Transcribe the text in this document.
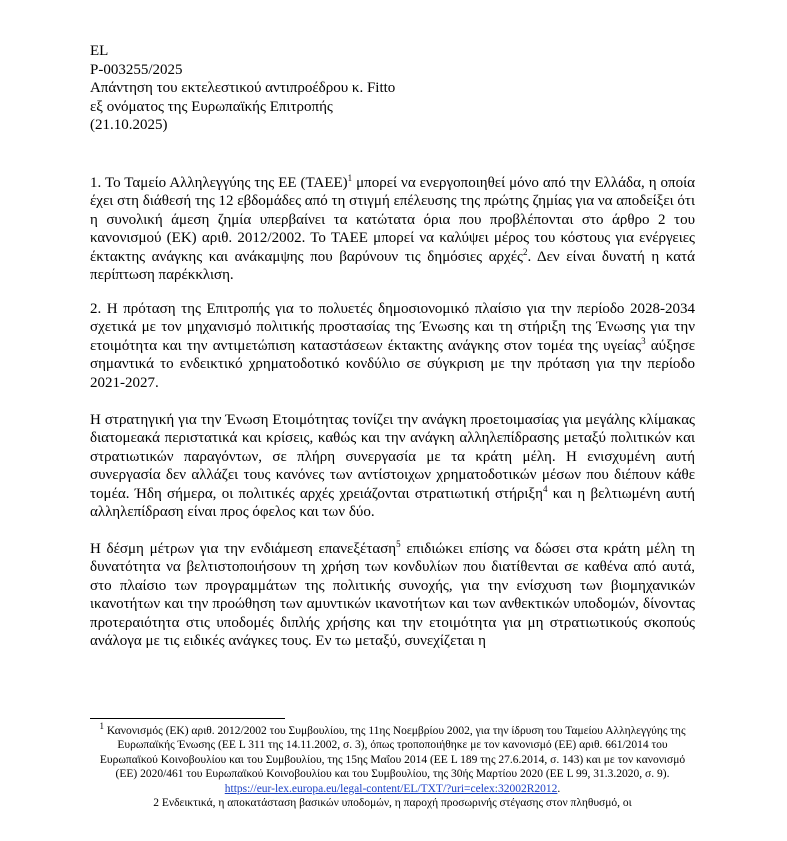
EL
P-003255/2025
Απάντηση του εκτελεστικού αντιπροέδρου κ. Fitto
εξ ονόματος της Ευρωπαϊκής Επιτροπής
(21.10.2025)

1. Το Ταμείο Αλληλεγγύης της ΕΕ $(TAEE)^1$ μπορεί να ενεργοποιηθεί μόνο από την Ελλάδα, η οποία έχει στη διάθεσή της 12 εβδομάδες από τη στιγμή επέλευσης της πρώτης ζημίας για να αποδείξει ότι η συνολική άμεση ζημία υπερβαίνει τα κατώτατα όρια που προβλέπονται στο άρθρο 2 του κανονισμού (ΕΚ) αριθ. 2012/2002. Το ΤΑΕΕ μπορεί να καλύψει μέρος του κόστους για ενέργειες έκτακτης ανάγκης και ανάκαμψης που βαρύνουν τις δημόσιες αρχές$^2$. Δεν είναι δυνατή η κατά περίπτωση παρέκκλιση.

2. Η πρόταση της Επιτροπής για το πολυετές δημοσιονομικό πλαίσιο για την περίοδο 2028-2034 σχετικά με τον μηχανισμό πολιτικής προστασίας της Ένωσης και τη στήριξη της Ένωσης για την ετοιμότητα και την αντιμετώπιση καταστάσεων έκτακτης ανάγκης στον τομέα της υγείας$^3$ αύξησε σημαντικά το ενδεικτικό χρηματοδοτικό κονδύλιο σε σύγκριση με την πρόταση για την περίοδο 2021-2027.

Η στρατηγική για την Ένωση Ετοιμότητας τονίζει την ανάγκη προετοιμασίας για μεγάλης κλίμακας διατομεακά περιστατικά και κρίσεις, καθώς και την ανάγκη αλληλεπίδρασης μεταξύ πολιτικών και στρατιωτικών παραγόντων, σε πλήρη συνεργασία με τα κράτη μέλη. Η ενισχυμένη αυτή συνεργασία δεν αλλάζει τους κανόνες των αντίστοιχων χρηματοδοτικών μέσων που διέπουν κάθε τομέα. Ήδη σήμερα, οι πολιτικές αρχές χρειάζονται στρατιωτική στήριξη$^4$ και η βελτιωμένη αυτή αλληλεπίδραση είναι προς όφελος και των δύο.

Η δέσμη μέτρων για την ενδιάμεση επανεξέταση$^5$ επιδιώκει επίσης να δώσει στα κράτη μέλη τη δυνατότητα να βελτιστοποιήσουν τη χρήση των κονδυλίων που διατίθενται σε καθένα από αυτά, στο πλαίσιο των προγραμμάτων της πολιτικής συνοχής, για την ενίσχυση των βιομηχανικών ικανοτήτων και την προώθηση των αμυντικών ικανοτήτων και των ανθεκτικών υποδομών, δίνοντας προτεραιότητα στις υποδομές διπλής χρήσης και την ετοιμότητα για μη στρατιωτικούς σκοπούς ανάλογα με τις ειδικές ανάγκες τους. Εν τω μεταξύ, συνεχίζεται η

$^1$ Κανονισμός (ΕΚ) αριθ. 2012/2002 του Συμβουλίου, της 11ης Νοεμβρίου 2002, για την ίδρυση του Ταμείου Αλληλεγγύης της Ευρωπαϊκής Ένωσης (ΕΕ L 311 της 14.11.2002, σ. 3), όπως τροποποιήθηκε με τον κανονισμό (ΕΕ) αριθ. 661/2014 του Ευρωπαϊκού Κοινοβουλίου και του Συμβουλίου, της 15ης Μαΐου 2014 (ΕΕ L 189 της 27.6.2014, σ. 143) και με τον κανονισμό (ΕΕ) 2020/461 του Ευρωπαϊκού Κοινοβουλίου και του Συμβουλίου, της 30ής Μαρτίου 2020 (ΕΕ L 99, 31.3.2020, σ. 9). https://eur-lex.europa.eu/legal-content/EL/TXT/?uri=celex:32002R2012.
2 Ενδεικτικά, η αποκατάσταση βασικών υποδομών, η παροχή προσωρινής στέγασης στον πληθυσμό, οι
